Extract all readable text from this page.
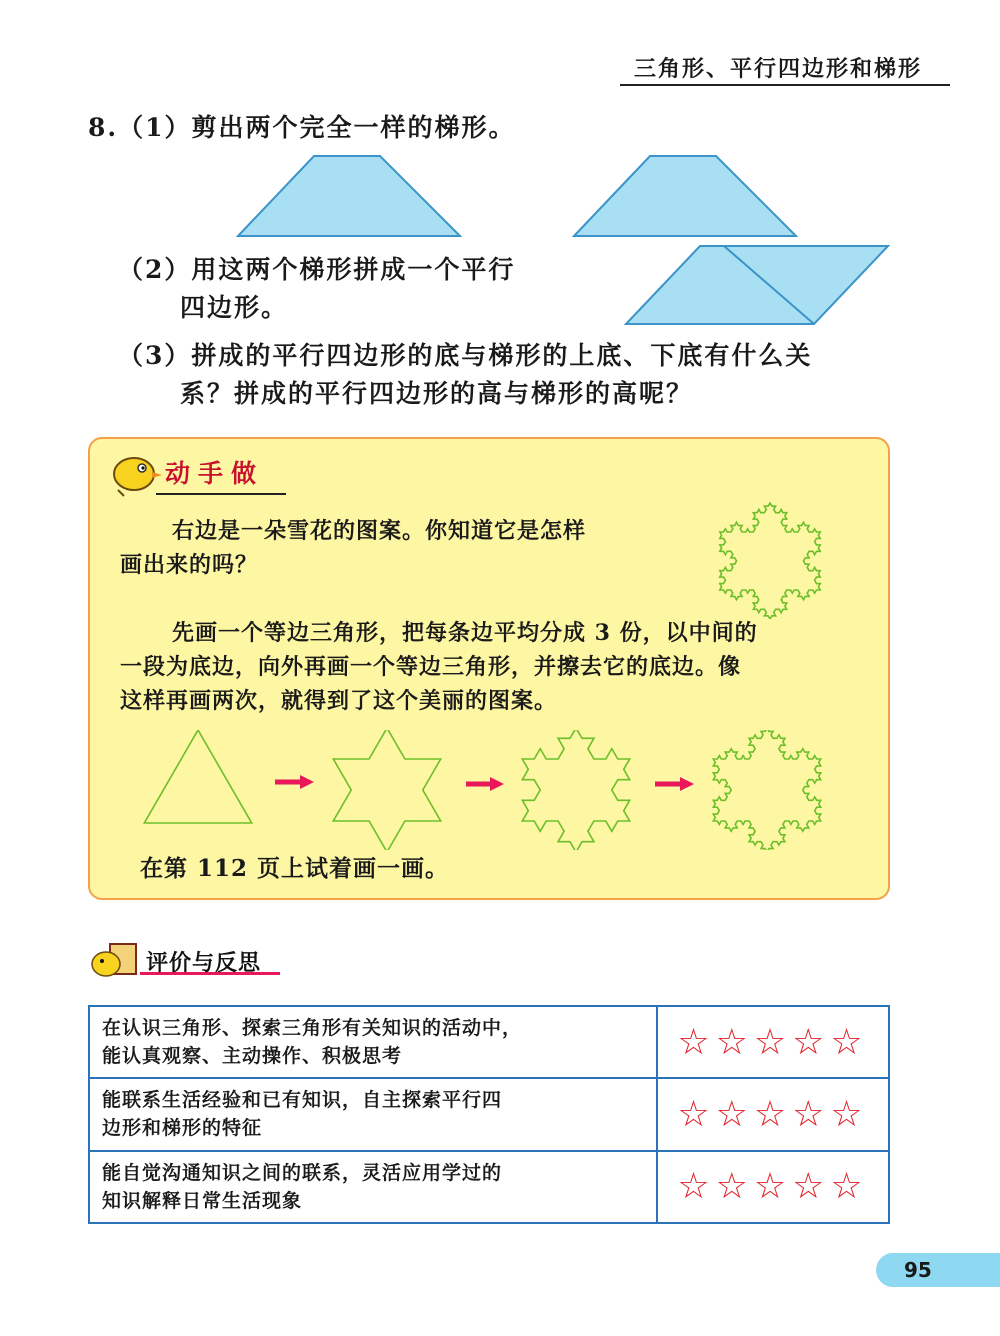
三角形、平行四边形和梯形
8.（1）剪出两个完全一样的梯形。
（2）用这两个梯形拼成一个平行
四边形。
（3）拼成的平行四边形的底与梯形的上底、下底有什么关
系？拼成的平行四边形的高与梯形的高呢？
动手做
右边是一朵雪花的图案。你知道它是怎样
画出来的吗？
先画一个等边三角形，把每条边平均分成 3 份，以中间的
一段为底边，向外再画一个等边三角形，并擦去它的底边。像
这样再画两次，就得到了这个美丽的图案。
在第 112 页上试着画一画。
评价与反思
在认识三角形、探索三角形有关知识的活动中，
能认真观察、主动操作、积极思考	☆☆☆☆☆

能联系生活经验和已有知识，自主探索平行四
边形和梯形的特征	☆☆☆☆☆

能自觉沟通知识之间的联系，灵活应用学过的
知识解释日常生活现象	☆☆☆☆☆
95
